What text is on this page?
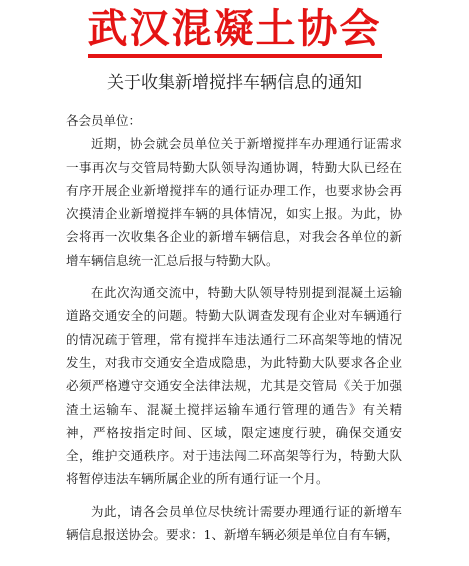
武汉混凝土协会
关于收集新增搅拌车辆信息的通知

各会员单位：

近期，协会就会员单位关于新增搅拌车办理通行证需求一事再次与交管局特勤大队领导沟通协调，特勤大队已经在有序开展企业新增搅拌车的通行证办理工作，也要求协会再次摸清企业新增搅拌车辆的具体情况，如实上报。为此，协会将再一次收集各企业的新增车辆信息，对我会各单位的新增车辆信息统一汇总后报与特勤大队。

在此次沟通交流中，特勤大队领导特别提到混凝土运输道路交通安全的问题。特勤大队调查发现有企业对车辆通行的情况疏于管理，常有搅拌车违法通行二环高架等地的情况发生，对我市交通安全造成隐患，为此特勤大队要求各企业必须严格遵守交通安全法律法规，尤其是交管局《关于加强渣土运输车、混凝土搅拌运输车通行管理的通告》有关精神，严格按指定时间、区域，限定速度行驶，确保交通安全，维护交通秩序。对于违法闯二环高架等行为，特勤大队将暂停违法车辆所属企业的所有通行证一个月。

为此，请各会员单位尽快统计需要办理通行证的新增车辆信息报送协会。要求：1、新增车辆必须是单位自有车辆，
